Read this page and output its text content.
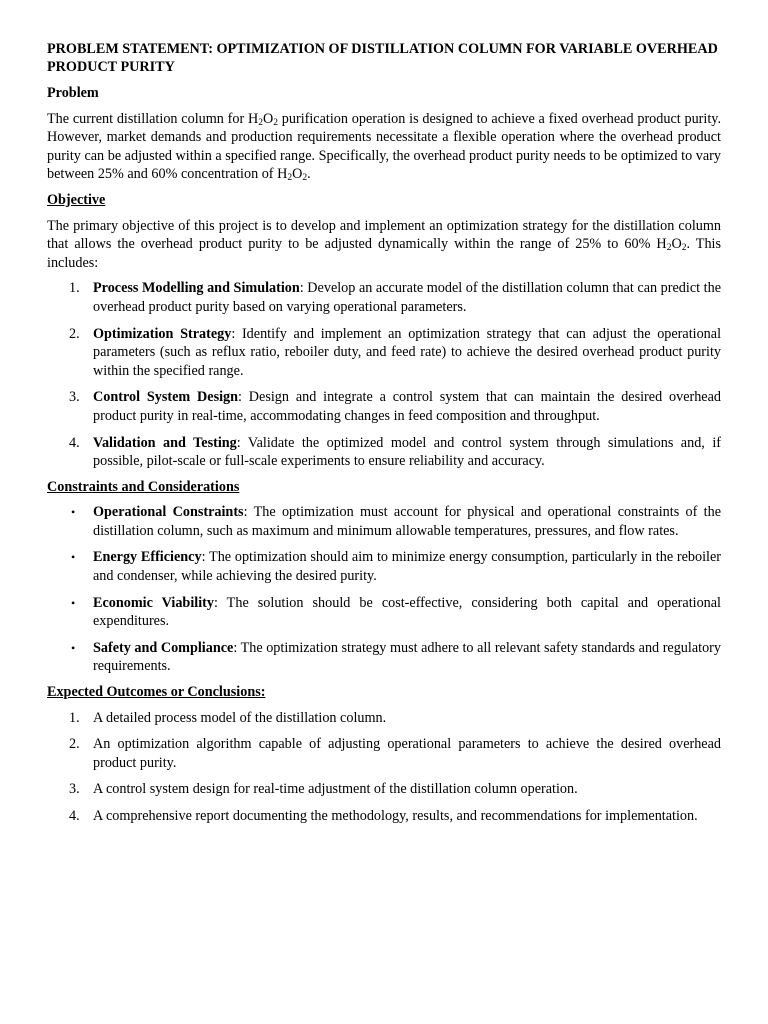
PROBLEM STATEMENT: OPTIMIZATION OF DISTILLATION COLUMN FOR VARIABLE OVERHEAD PRODUCT PURITY
Problem

The current distillation column for $H_2O_2$ purification operation is designed to achieve a fixed overhead product purity. However, market demands and production requirements necessitate a flexible operation where the overhead product purity can be adjusted within a specified range. Specifically, the overhead product purity needs to be optimized to vary between 25% and 60% concentration of $H_2O_2$.

Objective

The primary objective of this project is to develop and implement an optimization strategy for the distillation column that allows the overhead product purity to be adjusted dynamically within the range of 25% to 60% $H_2O_2$. This includes:

1. Process Modelling and Simulation: Develop an accurate model of the distillation column that can predict the overhead product purity based on varying operational parameters.
2. Optimization Strategy: Identify and implement an optimization strategy that can adjust the operational parameters (such as reflux ratio, reboiler duty, and feed rate) to achieve the desired overhead product purity within the specified range.
3. Control System Design: Design and integrate a control system that can maintain the desired overhead product purity in real-time, accommodating changes in feed composition and throughput.
4. Validation and Testing: Validate the optimized model and control system through simulations and, if possible, pilot-scale or full-scale experiments to ensure reliability and accuracy.
Constraints and Considerations
• Operational Constraints: The optimization must account for physical and operational constraints of the distillation column, such as maximum and minimum allowable temperatures, pressures, and flow rates.
• Energy Efficiency: The optimization should aim to minimize energy consumption, particularly in the reboiler and condenser, while achieving the desired purity.
• Economic Viability: The solution should be cost-effective, considering both capital and operational expenditures.
• Safety and Compliance: The optimization strategy must adhere to all relevant safety standards and regulatory requirements.
Expected Outcomes or Conclusions:
1. A detailed process model of the distillation column.
2. An optimization algorithm capable of adjusting operational parameters to achieve the desired overhead product purity.
3. A control system design for real-time adjustment of the distillation column operation.
4. A comprehensive report documenting the methodology, results, and recommendations for implementation.
